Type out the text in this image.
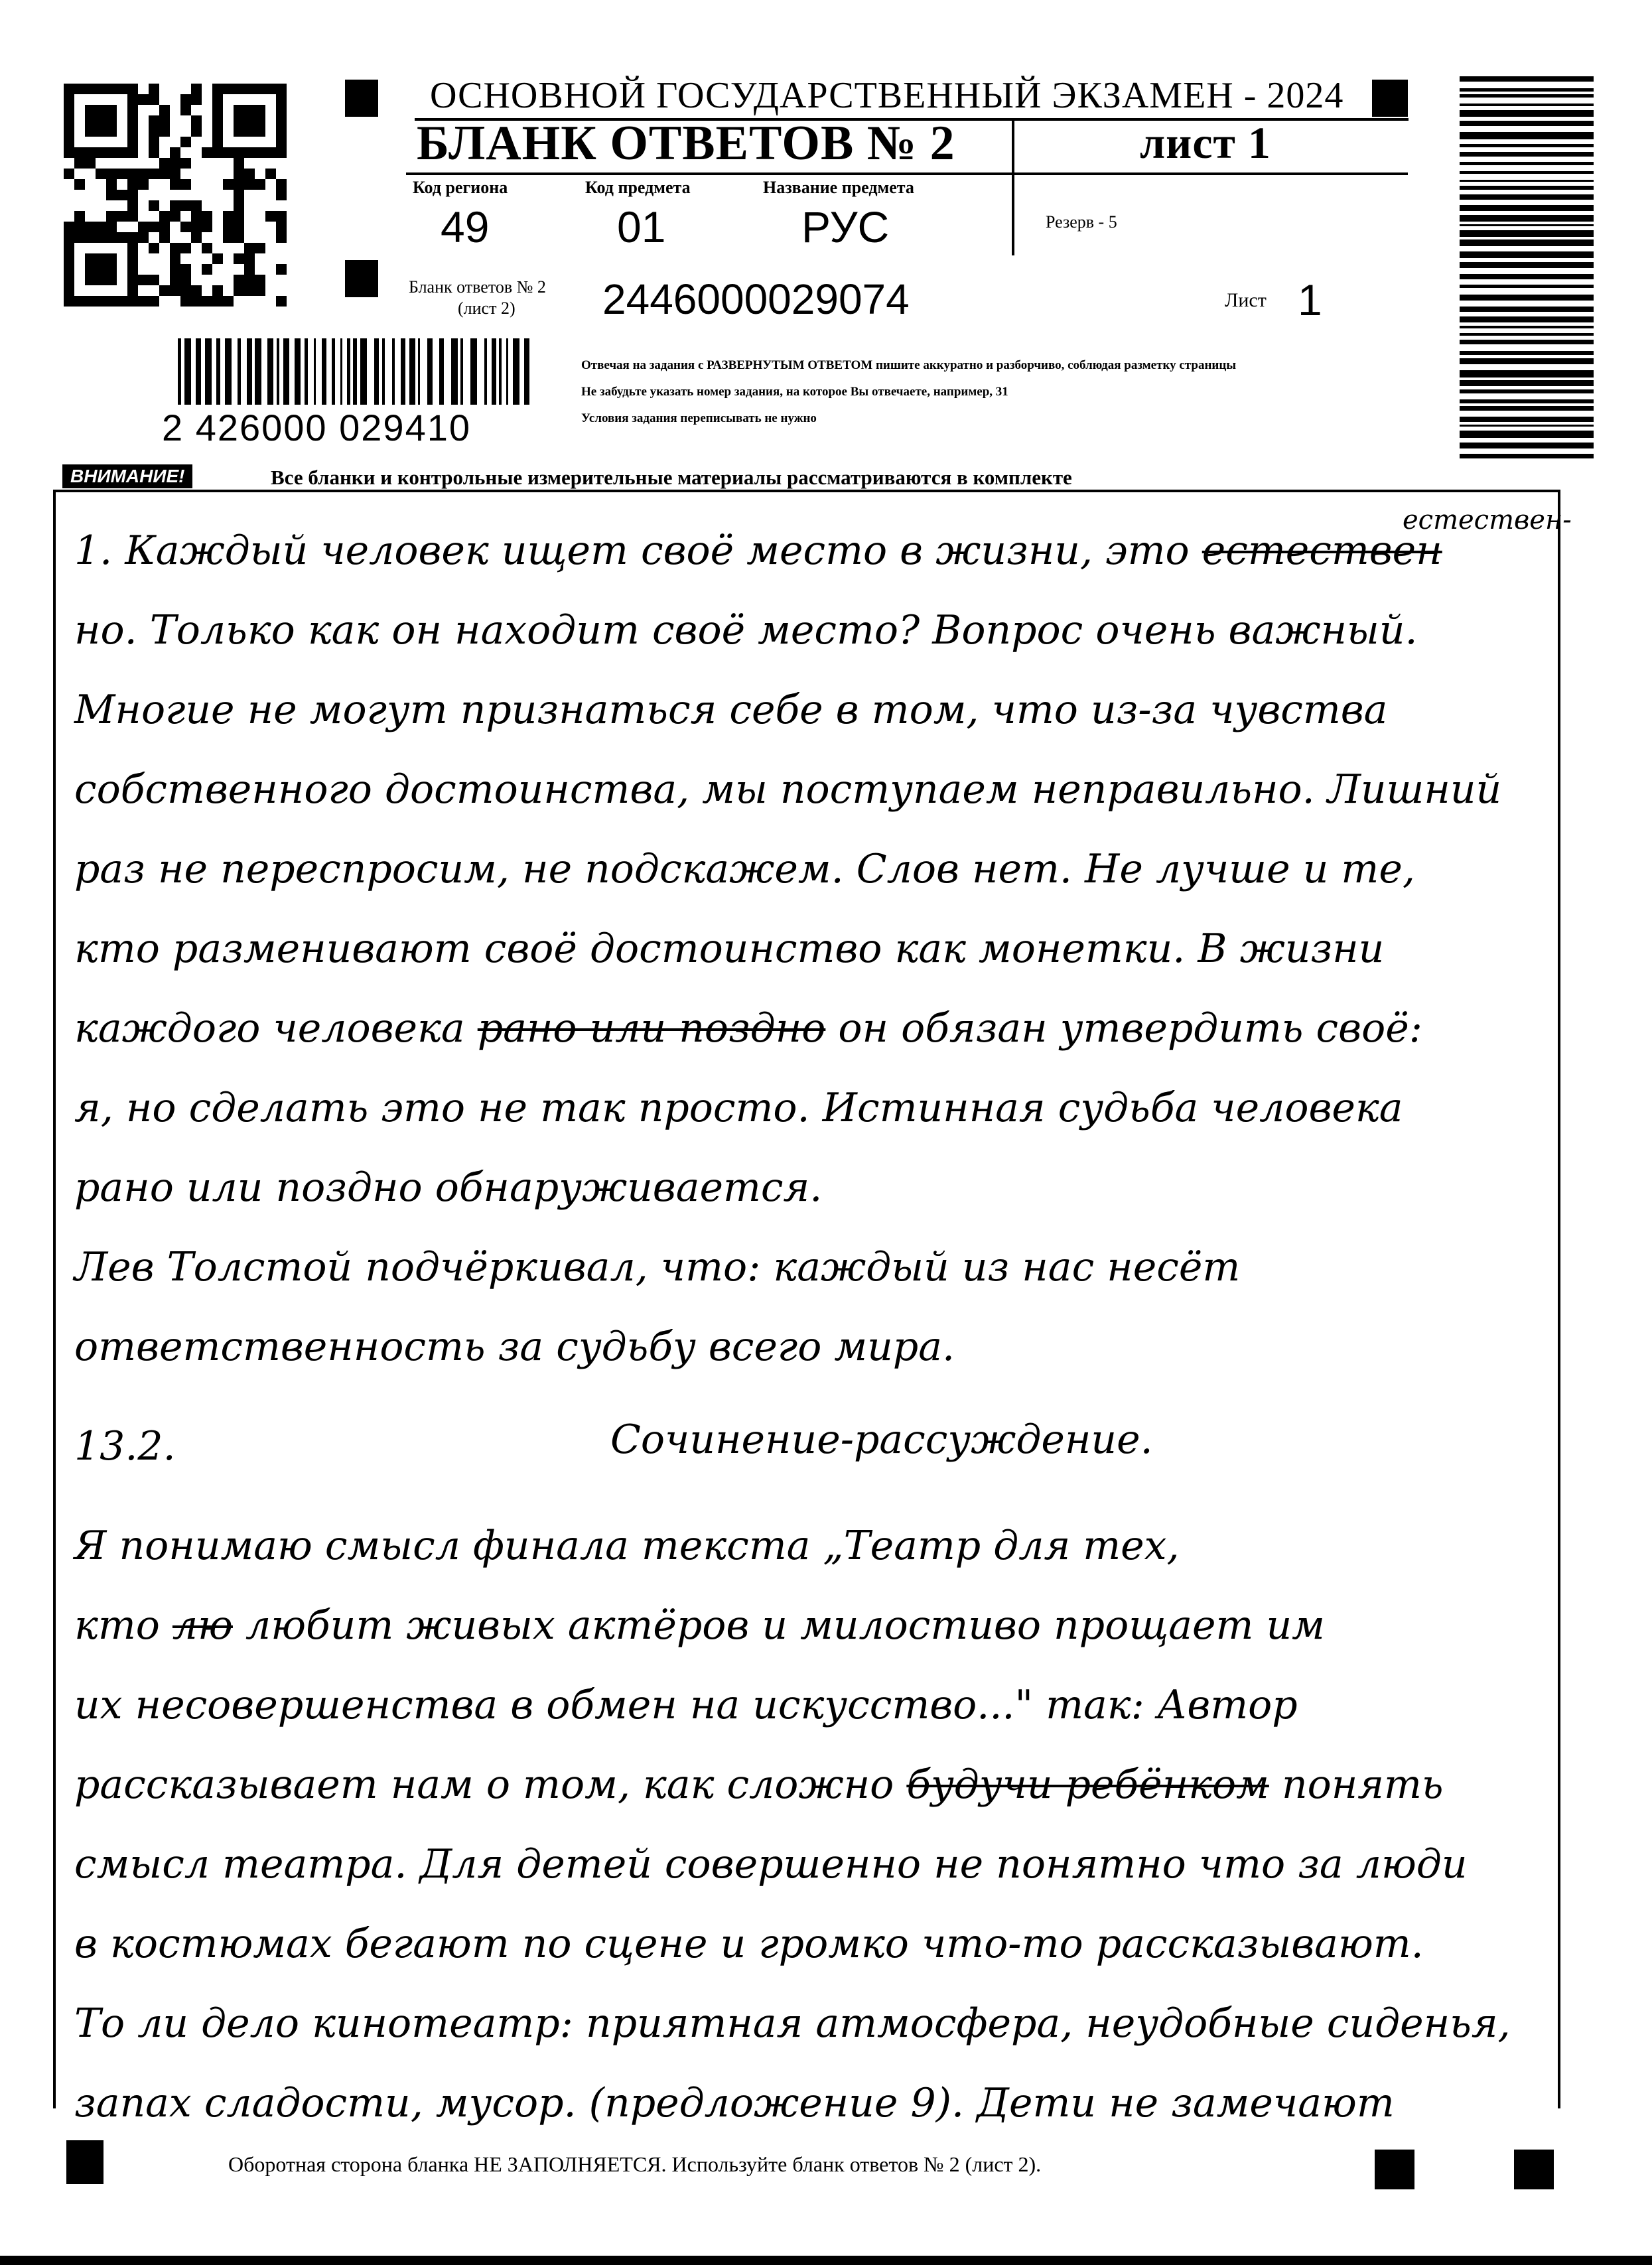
ОСНОВНОЙ ГОСУДАРСТВЕННЫЙ ЭКЗАМЕН - 2024
БЛАНК ОТВЕТОВ № 2	лист 1
Код региона
49
Код предмета
01
Название предмета
РУС	Резерв - 5
Бланк ответов № 2
(лист 2) 2446000029074	Лист 1
2 426000 029410
Отвечая на задания с РАЗВЕРНУТЫМ ОТВЕТОМ пишите аккуратно и разборчиво, соблюдая разметку страницы
Не забудьте указать номер задания, на которое Вы отвечаете, например, 31
Условия задания переписывать не нужно
ВНИМАНИЕ!	Все бланки и контрольные измерительные материалы рассматриваются в комплекте
естествен-
1. Каждый человек ищет своё место в жизни, это естествен
но. Только как он находит своё место? Вопрос очень важный.
Многие не могут признаться себе в том, что из-за чувства
собственного достоинства, мы поступаем неправильно. Лишний
раз не переспросим, не подскажем. Слов нет. Не лучше и те,
кто разменивают своё достоинство как монетки. В жизни
каждого человека рано или поздно он обязан утвердить своё:
я, но сделать это не так просто. Истинная судьба человека
рано или поздно обнаруживается.
Лев Толстой подчёркивал, что: каждый из нас несёт
ответственность за судьбу всего мира.
13.2.	Сочинение-рассуждение.
Я понимаю смысл финала текста „Театр для тех,
кто лю любит живых актёров и милостиво прощает им
их несовершенства в обмен на искусство..." так: Автор
рассказывает нам о том, как сложно будучи ребёнком понять
смысл театра. Для детей совершенно не понятно что за люди
в костюмах бегают по сцене и громко что-то рассказывают.
То ли дело кинотеатр: приятная атмосфера, неудобные сиденья,
запах сладости, мусор. (предложение 9). Дети не замечают
Оборотная сторона бланка НЕ ЗАПОЛНЯЕТСЯ. Используйте бланк ответов № 2 (лист 2).
